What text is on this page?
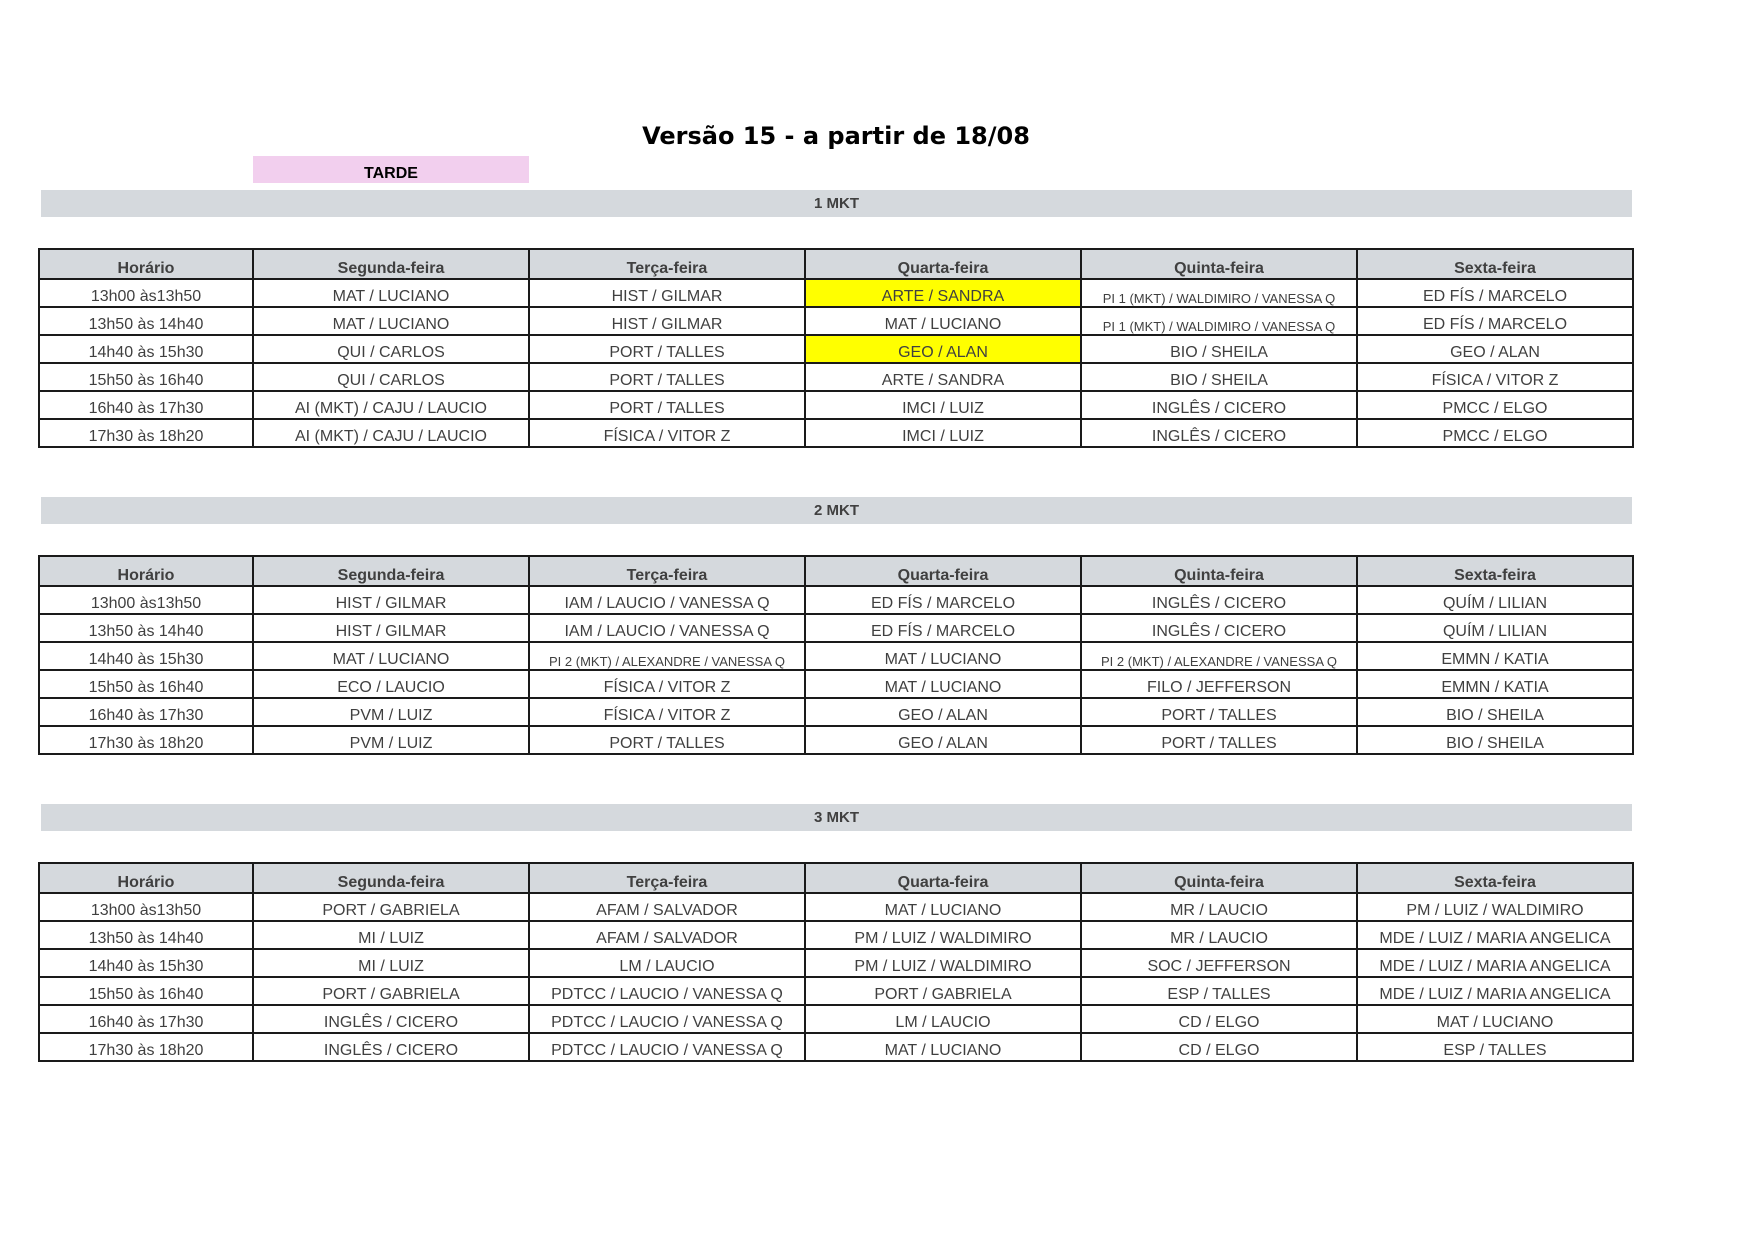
Versão 15 - a partir de 18/08
TARDE
1 MKT
Horário	Segunda-feira	Terça-feira	Quarta-feira	Quinta-feira	Sexta-feira
13h00 às13h50	MAT / LUCIANO	HIST / GILMAR	ARTE / SANDRA	PI 1 (MKT) / WALDIMIRO / VANESSA Q	ED FÍS / MARCELO
13h50 às 14h40	MAT / LUCIANO	HIST / GILMAR	MAT / LUCIANO	PI 1 (MKT) / WALDIMIRO / VANESSA Q	ED FÍS / MARCELO
14h40 às 15h30	QUI / CARLOS	PORT / TALLES	GEO / ALAN	BIO / SHEILA	GEO / ALAN
15h50 às 16h40	QUI / CARLOS	PORT / TALLES	ARTE / SANDRA	BIO / SHEILA	FÍSICA / VITOR Z
16h40 às 17h30	AI (MKT) / CAJU / LAUCIO	PORT / TALLES	IMCI / LUIZ	INGLÊS / CICERO	PMCC / ELGO
17h30 às 18h20	AI (MKT) / CAJU / LAUCIO	FÍSICA / VITOR Z	IMCI / LUIZ	INGLÊS / CICERO	PMCC / ELGO
2 MKT
Horário	Segunda-feira	Terça-feira	Quarta-feira	Quinta-feira	Sexta-feira
13h00 às13h50	HIST / GILMAR	IAM / LAUCIO / VANESSA Q	ED FÍS / MARCELO	INGLÊS / CICERO	QUÍM / LILIAN
13h50 às 14h40	HIST / GILMAR	IAM / LAUCIO / VANESSA Q	ED FÍS / MARCELO	INGLÊS / CICERO	QUÍM / LILIAN
14h40 às 15h30	MAT / LUCIANO	PI 2 (MKT) / ALEXANDRE / VANESSA Q	MAT / LUCIANO	PI 2 (MKT) / ALEXANDRE / VANESSA Q	EMMN / KATIA
15h50 às 16h40	ECO / LAUCIO	FÍSICA / VITOR Z	MAT / LUCIANO	FILO / JEFFERSON	EMMN / KATIA
16h40 às 17h30	PVM / LUIZ	FÍSICA / VITOR Z	GEO / ALAN	PORT / TALLES	BIO / SHEILA
17h30 às 18h20	PVM / LUIZ	PORT / TALLES	GEO / ALAN	PORT / TALLES	BIO / SHEILA
3 MKT
Horário	Segunda-feira	Terça-feira	Quarta-feira	Quinta-feira	Sexta-feira
13h00 às13h50	PORT / GABRIELA	AFAM / SALVADOR	MAT / LUCIANO	MR / LAUCIO	PM / LUIZ / WALDIMIRO
13h50 às 14h40	MI / LUIZ	AFAM / SALVADOR	PM / LUIZ / WALDIMIRO	MR / LAUCIO	MDE / LUIZ / MARIA ANGELICA
14h40 às 15h30	MI / LUIZ	LM / LAUCIO	PM / LUIZ / WALDIMIRO	SOC / JEFFERSON	MDE / LUIZ / MARIA ANGELICA
15h50 às 16h40	PORT / GABRIELA	PDTCC / LAUCIO / VANESSA Q	PORT / GABRIELA	ESP / TALLES	MDE / LUIZ / MARIA ANGELICA
16h40 às 17h30	INGLÊS / CICERO	PDTCC / LAUCIO / VANESSA Q	LM / LAUCIO	CD / ELGO	MAT / LUCIANO
17h30 às 18h20	INGLÊS / CICERO	PDTCC / LAUCIO / VANESSA Q	MAT / LUCIANO	CD / ELGO	ESP / TALLES
